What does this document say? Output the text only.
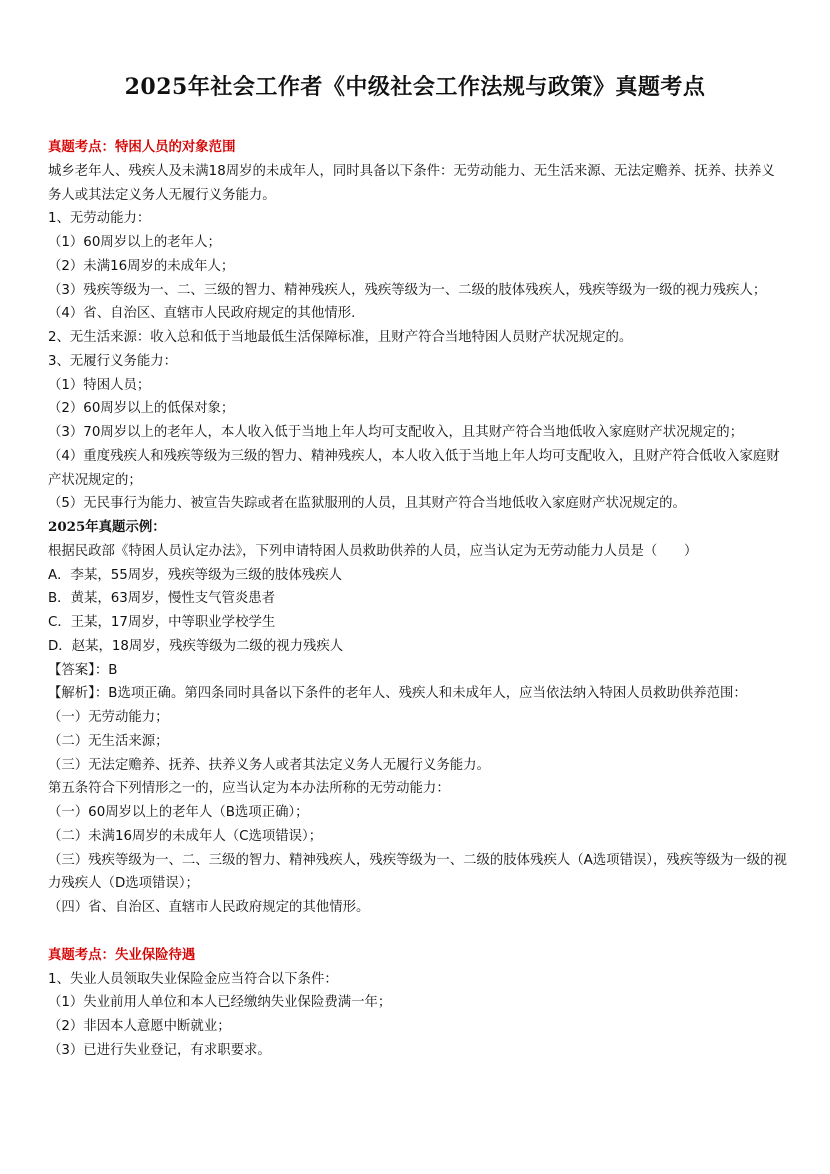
2025年社会工作者《中级社会工作法规与政策》真题考点

真题考点：特困人员的对象范围

城乡老年人、残疾人及未满18周岁的未成年人，同时具备以下条件：无劳动能力、无生活来源、无法定赡养、抚养、扶养义务人或其法定义务人无履行义务能力。

1、无劳动能力：

（1）60周岁以上的老年人；

（2）未满16周岁的未成年人；

（3）残疾等级为一、二、三级的智力、精神残疾人，残疾等级为一、二级的肢体残疾人，残疾等级为一级的视力残疾人；

（4）省、自治区、直辖市人民政府规定的其他情形.

2、无生活来源：收入总和低于当地最低生活保障标准，且财产符合当地特困人员财产状况规定的。

3、无履行义务能力：

（1）特困人员；

（2）60周岁以上的低保对象；

（3）70周岁以上的老年人，本人收入低于当地上年人均可支配收入，且其财产符合当地低收入家庭财产状况规定的；

（4）重度残疾人和残疾等级为三级的智力、精神残疾人，本人收入低于当地上年人均可支配收入，且财产符合低收入家庭财产状况规定的；

（5）无民事行为能力、被宣告失踪或者在监狱服刑的人员，且其财产符合当地低收入家庭财产状况规定的。

2025年真题示例：

根据民政部《特困人员认定办法》，下列申请特困人员救助供养的人员，应当认定为无劳动能力人员是（　　）

A．李某，55周岁，残疾等级为三级的肢体残疾人

B．黄某，63周岁，慢性支气管炎患者

C．王某，17周岁，中等职业学校学生

D．赵某，18周岁，残疾等级为二级的视力残疾人

【答案】：B

【解析】：B选项正确。第四条同时具备以下条件的老年人、残疾人和未成年人，应当依法纳入特困人员救助供养范围：

（一）无劳动能力；

（二）无生活来源；

（三）无法定赡养、抚养、扶养义务人或者其法定义务人无履行义务能力。

第五条符合下列情形之一的，应当认定为本办法所称的无劳动能力：

（一）60周岁以上的老年人（B选项正确）；

（二）未满16周岁的未成年人（C选项错误）；

（三）残疾等级为一、二、三级的智力、精神残疾人，残疾等级为一、二级的肢体残疾人（A选项错误），残疾等级为一级的视力残疾人（D选项错误）；

（四）省、自治区、直辖市人民政府规定的其他情形。

真题考点：失业保险待遇

1、失业人员领取失业保险金应当符合以下条件：

（1）失业前用人单位和本人已经缴纳失业保险费满一年；

（2）非因本人意愿中断就业；

（3）已进行失业登记，有求职要求。
